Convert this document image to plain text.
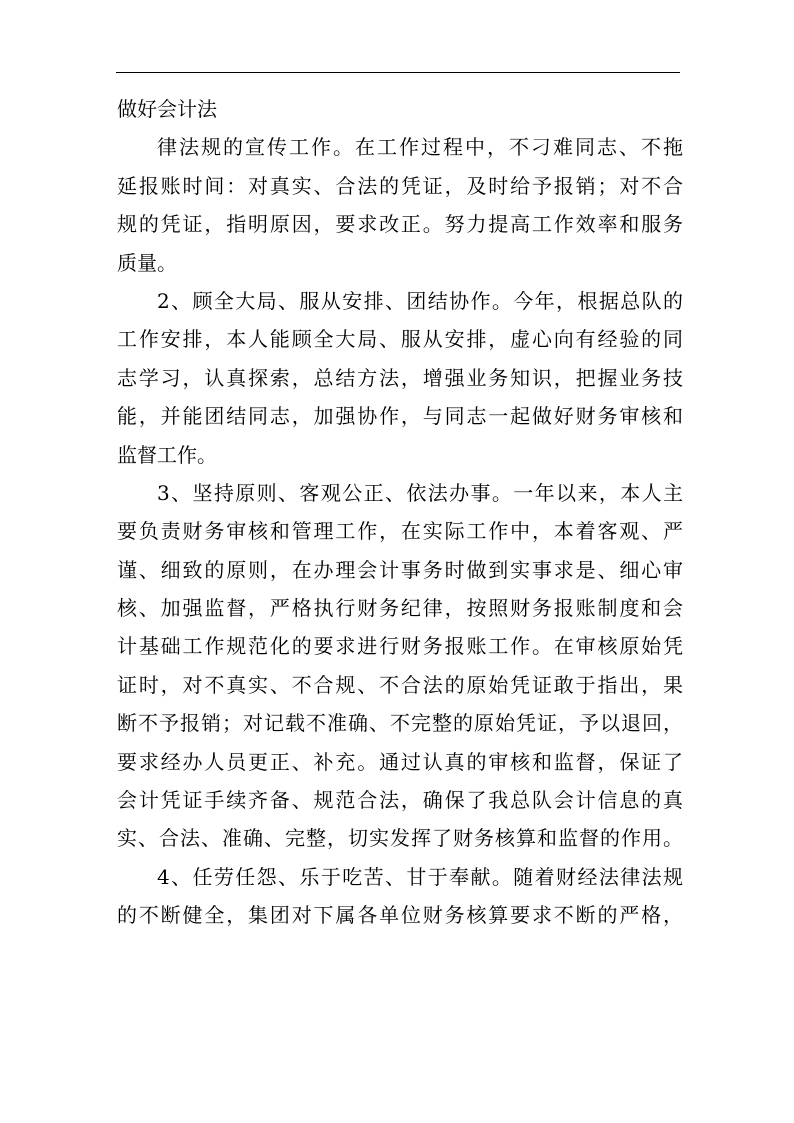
做好会计法
律法规的宣传工作。在工作过程中，不刁难同志、不拖
延报账时间：对真实、合法的凭证，及时给予报销；对不合
规的凭证，指明原因，要求改正。努力提高工作效率和服务
质量。
2、顾全大局、服从安排、团结协作。今年，根据总队的
工作安排，本人能顾全大局、服从安排，虚心向有经验的同
志学习，认真探索，总结方法，增强业务知识，把握业务技
能，并能团结同志，加强协作，与同志一起做好财务审核和
监督工作。
3、坚持原则、客观公正、依法办事。一年以来，本人主
要负责财务审核和管理工作，在实际工作中，本着客观、严
谨、细致的原则，在办理会计事务时做到实事求是、细心审
核、加强监督，严格执行财务纪律，按照财务报账制度和会
计基础工作规范化的要求进行财务报账工作。在审核原始凭
证时，对不真实、不合规、不合法的原始凭证敢于指出，果
断不予报销；对记载不准确、不完整的原始凭证，予以退回，
要求经办人员更正、补充。通过认真的审核和监督，保证了
会计凭证手续齐备、规范合法，确保了我总队会计信息的真
实、合法、准确、完整，切实发挥了财务核算和监督的作用。
4、任劳任怨、乐于吃苦、甘于奉献。随着财经法律法规
的不断健全，集团对下属各单位财务核算要求不断的严格，
